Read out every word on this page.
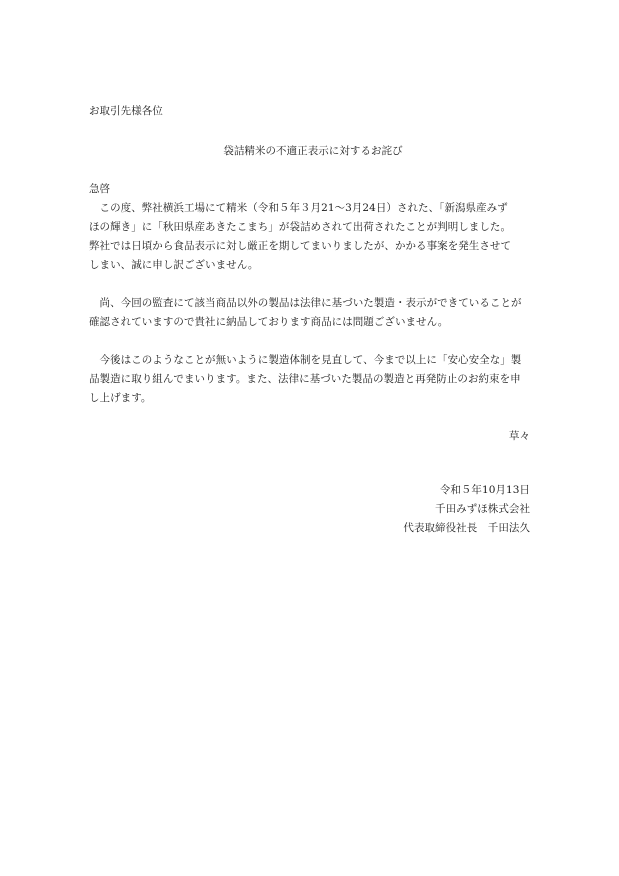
お取引先様各位
袋詰精米の不適正表示に対するお詫び
急啓
　この度、弊社横浜工場にて精米（令和５年３月21〜3月24日）された、「新潟県産みず
ほの輝き」に「秋田県産あきたこまち」が袋詰めされて出荷されたことが判明しました。
弊社では日頃から食品表示に対し厳正を期してまいりましたが、かかる事案を発生させて
しまい、誠に申し訳ございません。
　尚、今回の監査にて該当商品以外の製品は法律に基づいた製造・表示ができていることが
確認されていますので貴社に納品しております商品には問題ございません。
　今後はこのようなことが無いように製造体制を見直して、今まで以上に「安心安全な」製
品製造に取り組んでまいります。また、法律に基づいた製品の製造と再発防止のお約束を申
し上げます。
草々
令和５年10月13日
千田みずほ株式会社
代表取締役社長　千田法久
